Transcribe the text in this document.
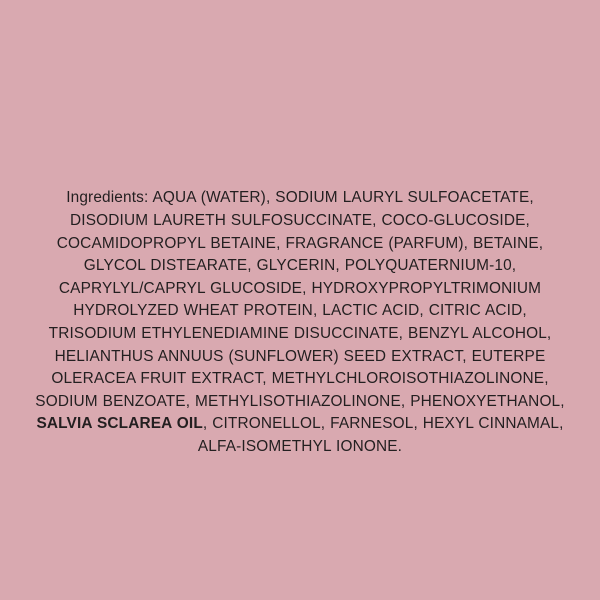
Ingredients: AQUA (WATER), SODIUM LAURYL SULFOACETATE, DISODIUM LAURETH SULFOSUCCINATE, COCO-GLUCOSIDE, COCAMIDOPROPYL BETAINE, FRAGRANCE (PARFUM), BETAINE, GLYCOL DISTEARATE, GLYCERIN, POLYQUATERNIUM-10, CAPRYLYL/CAPRYL GLUCOSIDE, HYDROXYPROPYLTRIMONIUM HYDROLYZED WHEAT PROTEIN, LACTIC ACID, CITRIC ACID, TRISODIUM ETHYLENEDIAMINE DISUCCINATE, BENZYL ALCOHOL, HELIANTHUS ANNUUS (SUNFLOWER) SEED EXTRACT, EUTERPE OLERACEA FRUIT EXTRACT, METHYLCHLOROISOTHIAZOLINONE, SODIUM BENZOATE, METHYLISOTHIAZOLINONE, PHENOXYETHANOL, SALVIA SCLAREA OIL, CITRONELLOL, FARNESOL, HEXYL CINNAMAL, ALFA-ISOMETHYL IONONE.
